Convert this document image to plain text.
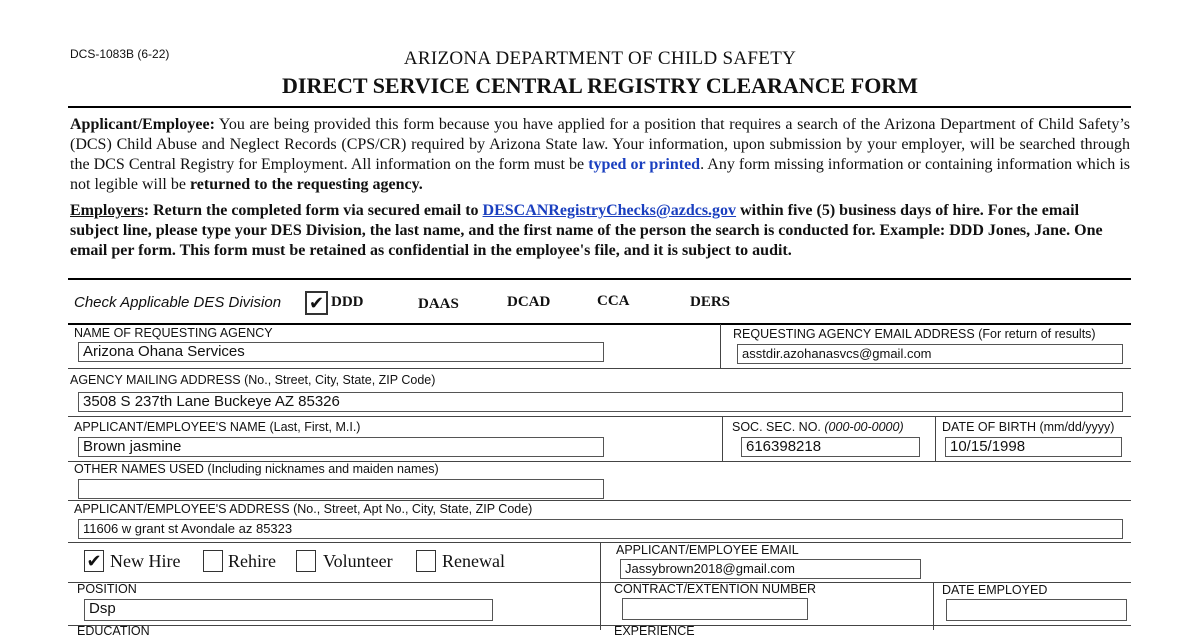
DCS-1083B (6-22)	ARIZONA DEPARTMENT OF CHILD SAFETY
DIRECT SERVICE CENTRAL REGISTRY CLEARANCE FORM
Applicant/Employee: You are being provided this form because you have applied for a position that requires a search of the Arizona Department of Child Safety’s (DCS) Child Abuse and Neglect Records (CPS/CR) required by Arizona State law. Your information, upon submission by your employer, will be searched through the DCS Central Registry for Employment. All information on the form must be typed or printed. Any form missing information or containing information which is not legible will be returned to the requesting agency.
Employers: Return the completed form via secured email to DESCANRegistryChecks@azdcs.gov within five (5) business days of hire. For the email subject line, please type your DES Division, the last name, and the first name of the person the search is conducted for. Example: DDD Jones, Jane. One email per form. This form must be retained as confidential in the employee's file, and it is subject to audit.
Check Applicable DES Division ✔ DDD	DAAS	DCAD	CCA	DERS
NAME OF REQUESTING AGENCY
Arizona Ohana Services
REQUESTING AGENCY EMAIL ADDRESS (For return of results)
asstdir.azohanasvcs@gmail.com
AGENCY MAILING ADDRESS (No., Street, City, State, ZIP Code)
3508 S 237th Lane Buckeye AZ 85326
APPLICANT/EMPLOYEE'S NAME (Last, First, M.I.)
Brown jasmine
SOC. SEC. NO. (000-00-0000)
616398218
DATE OF BIRTH (mm/dd/yyyy)
10/15/1998
OTHER NAMES USED (Including nicknames and maiden names)
APPLICANT/EMPLOYEE'S ADDRESS (No., Street, Apt No., City, State, ZIP Code)
11606 w grant st Avondale az 85323
✔ New Hire	Rehire	Volunteer	Renewal
APPLICANT/EMPLOYEE EMAIL
Jassybrown2018@gmail.com
POSITION
Dsp
CONTRACT/EXTENTION NUMBER	DATE EMPLOYED
EDUCATION	EXPERIENCE
